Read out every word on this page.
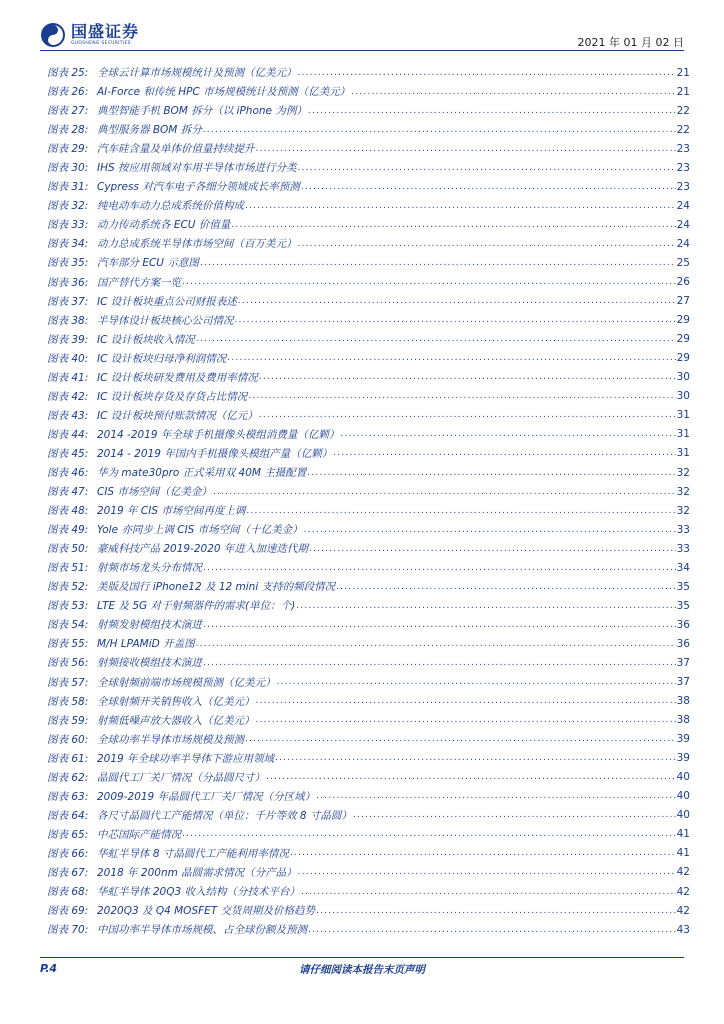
国盛证券
GUOSHENG SECURITIES	2021 年 01 月 02 日
图表 25: 全球云计算市场规模统计及预测（亿美元） .....	21
图表 26: AI-Force 和传统 HPC 市场规模统计及预测（亿美元） .....	21
图表 27: 典型智能手机 BOM 拆分（以 iPhone 为例） .....	22
图表 28: 典型服务器 BOM 拆分 .....	22
图表 29: 汽车硅含量及单体价值量持续提升 .....	23
图表 30: IHS 按应用领域对车用半导体市场进行分类 .....	23
图表 31: Cypress 对汽车电子各细分领域成长率预测 .....	23
图表 32: 纯电动车动力总成系统价值构成 .....	24
图表 33: 动力传动系统各 ECU 价值量 .....	24
图表 34: 动力总成系统半导体市场空间（百万美元） .....	24
图表 35: 汽车部分 ECU 示意图 .....	25
图表 36: 国产替代方案一览 .....	26
图表 37: IC 设计板块重点公司财报表述 .....	27
图表 38: 半导体设计板块核心公司情况 .....	29
图表 39: IC 设计板块收入情况 .....	29
图表 40: IC 设计板块归母净利润情况 .....	29
图表 41: IC 设计板块研发费用及费用率情况 .....	30
图表 42: IC 设计板块存货及存货占比情况 .....	30
图表 43: IC 设计板块预付账款情况（亿元） .....	31
图表 44: 2014 -2019 年全球手机摄像头模组消费量（亿颗） .....	31
图表 45: 2014 - 2019 年国内手机摄像头模组产量（亿颗） .....	31
图表 46: 华为 mate30pro 正式采用双 40M 主摄配置 .....	32
图表 47: CIS 市场空间（亿美金） .....	32
图表 48: 2019 年 CIS 市场空间再度上调 .....	32
图表 49: Yole 亦同步上调 CIS 市场空间（十亿美金） .....	33
图表 50: 豪威科技产品 2019-2020 年进入加速迭代期 .....	33
图表 51: 射频市场龙头分布情况 .....	34
图表 52: 美版及国行 iPhone12 及 12 mini 支持的频段情况 .....	35
图表 53: LTE 及 5G 对于射频器件的需求(单位：个) .....	35
图表 54: 射频发射模组技术演进 .....	36
图表 55: M/H LPAMiD 开盖图 .....	36
图表 56: 射频接收模组技术演进 .....	37
图表 57: 全球射频前端市场规模预测（亿美元） .....	37
图表 58: 全球射频开关销售收入（亿美元） .....	38
图表 59: 射频低噪声放大器收入（亿美元） .....	38
图表 60: 全球功率半导体市场规模及预测 .....	39
图表 61: 2019 年全球功率半导体下游应用领域 .....	39
图表 62: 晶圆代工厂关厂情况（分晶圆尺寸） .....	40
图表 63: 2009-2019 年晶圆代工厂关厂情况（分区域） .....	40
图表 64: 各尺寸晶圆代工产能情况（单位：千片等效 8 寸晶圆） .....	40
图表 65: 中芯国际产能情况 .....	41
图表 66: 华虹半导体 8 寸晶圆代工产能利用率情况 .....	41
图表 67: 2018 年 200nm 晶圆需求情况（分产品） .....	42
图表 68: 华虹半导体 20Q3 收入结构（分技术平台） .....	42
图表 69: 2020Q3 及 Q4 MOSFET 交货周期及价格趋势 .....	42
图表 70: 中国功率半导体市场规模、占全球份额及预测 .....	43
P.4	请仔细阅读本报告末页声明
